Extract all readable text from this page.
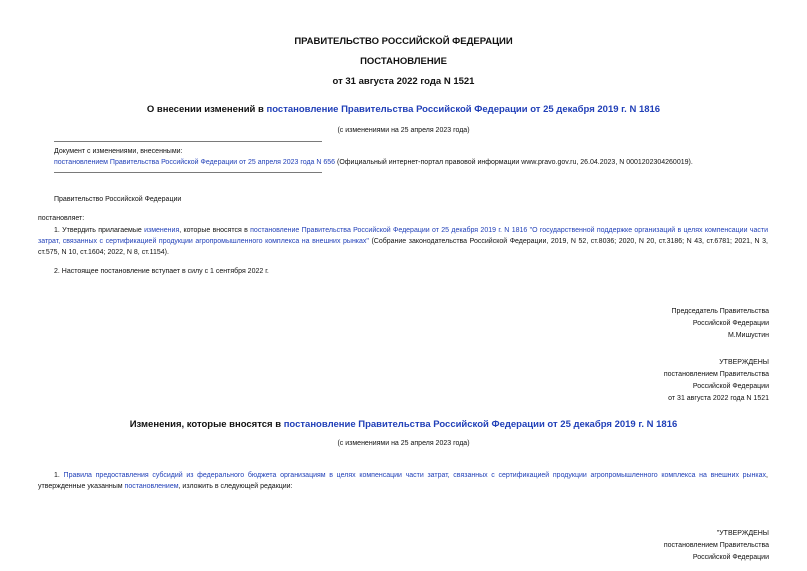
ПРАВИТЕЛЬСТВО РОССИЙСКОЙ ФЕДЕРАЦИИ
ПОСТАНОВЛЕНИЕ
от 31 августа 2022 года N 1521
О внесении изменений в постановление Правительства Российской Федерации от 25 декабря 2019 г. N 1816
(с изменениями на 25 апреля 2023 года)
Документ с изменениями, внесенными:
постановлением Правительства Российской Федерации от 25 апреля 2023 года N 656 (Официальный интернет-портал правовой информации www.pravo.gov.ru, 26.04.2023, N 0001202304260019).
Правительство Российской Федерации
постановляет:
1. Утвердить прилагаемые изменения, которые вносятся в постановление Правительства Российской Федерации от 25 декабря 2019 г. N 1816 "О государственной поддержке организаций в целях компенсации части затрат, связанных с сертификацией продукции агропромышленного комплекса на внешних рынках" (Собрание законодательства Российской Федерации, 2019, N 52, ст.8036; 2020, N 20, ст.3186; N 43, ст.6781; 2021, N 3, ст.575, N 10, ст.1604; 2022, N 8, ст.1154).
2. Настоящее постановление вступает в силу с 1 сентября 2022 г.
Председатель Правительства
Российской Федерации
М.Мишустин
УТВЕРЖДЕНЫ
постановлением Правительства
Российской Федерации
от 31 августа 2022 года N 1521
Изменения, которые вносятся в постановление Правительства Российской Федерации от 25 декабря 2019 г. N 1816
(с изменениями на 25 апреля 2023 года)
1. Правила предоставления субсидий из федерального бюджета организациям в целях компенсации части затрат, связанных с сертификацией продукции агропромышленного комплекса на внешних рынках, утвержденные указанным постановлением, изложить в следующей редакции:
"УТВЕРЖДЕНЫ
постановлением Правительства
Российской Федерации
